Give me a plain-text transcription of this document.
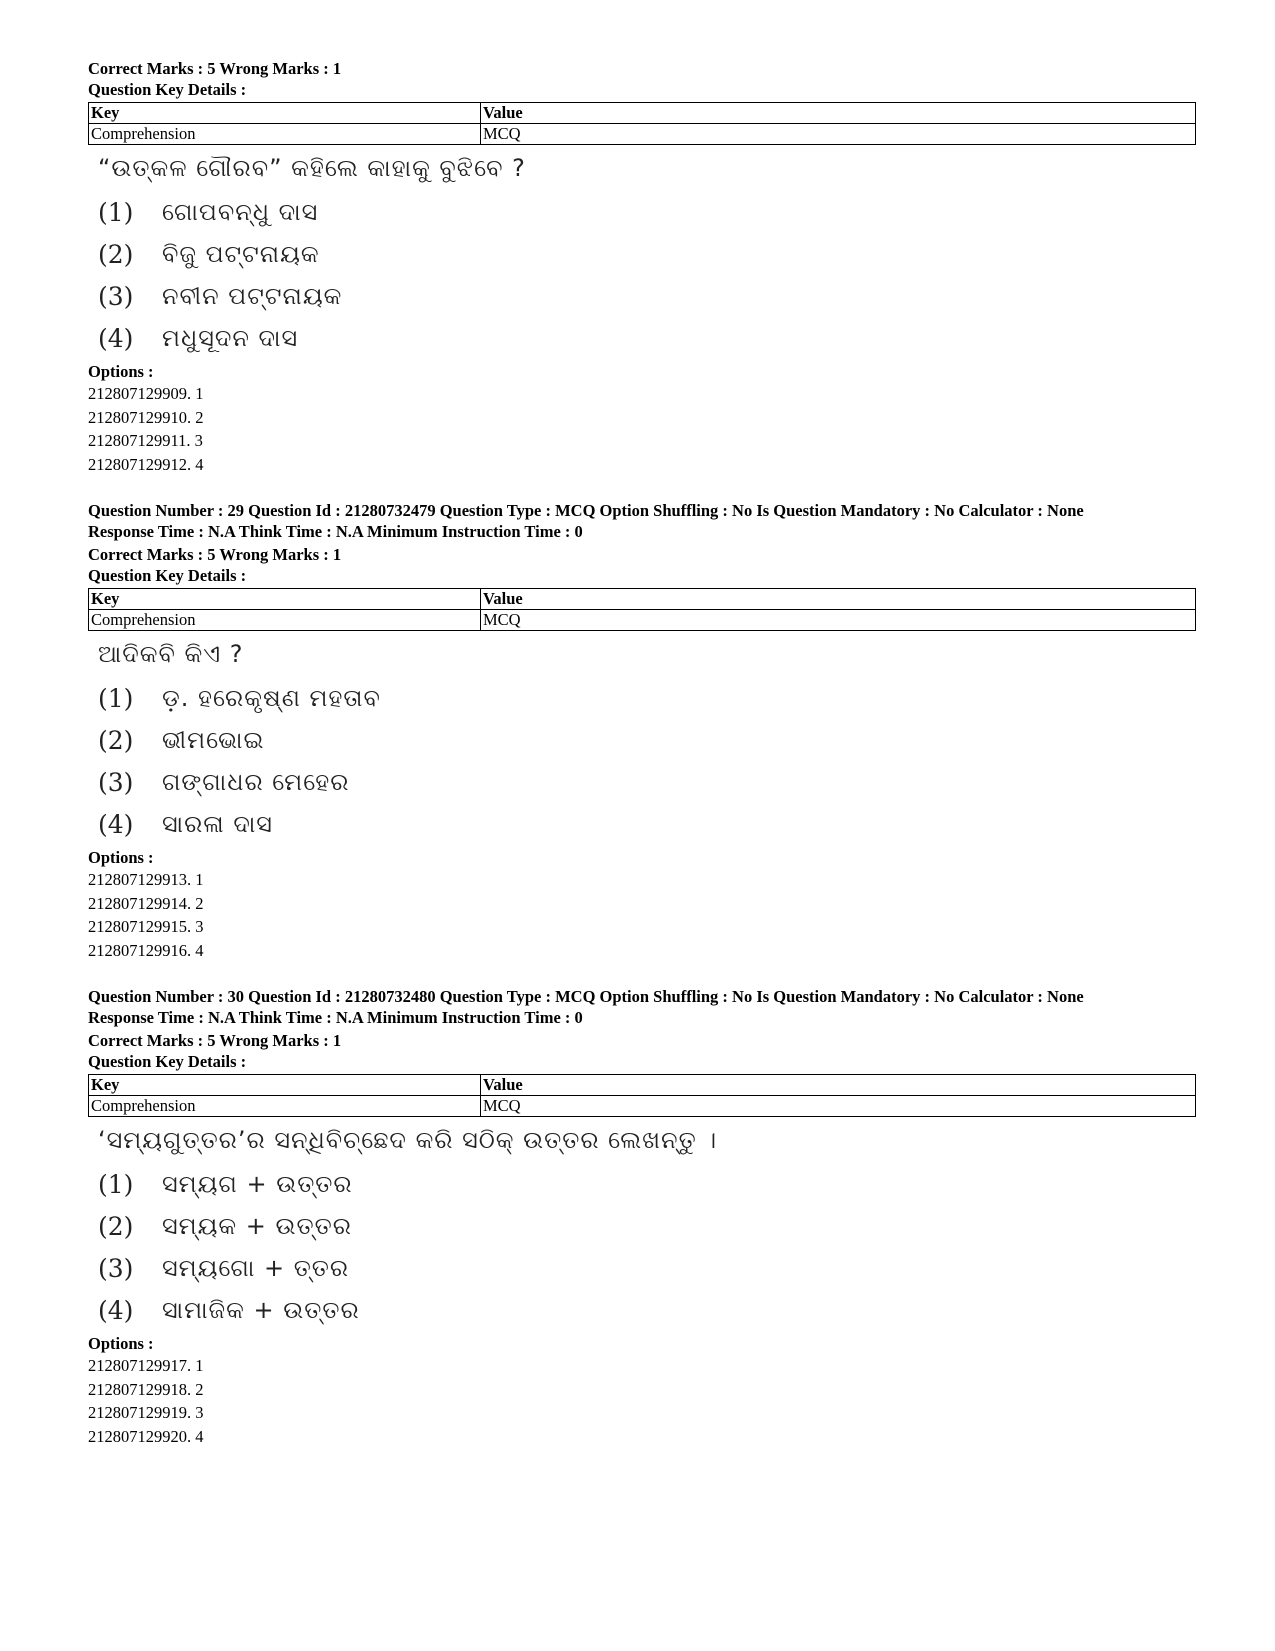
Correct Marks : 5 Wrong Marks : 1

Question Key Details :

Key	Value
Comprehension	MCQ
“ଉତ୍କଳ ଗୌରବ” କହିଲେ କାହାକୁ ବୁଝିବେ ?
(1)	ଗୋପବନ୍ଧୁ ଦାସ
(2)	ବିଜୁ ପଟ୍ଟନାୟକ
(3)	ନବୀନ ପଟ୍ଟନାୟକ
(4)	ମଧୁସୂଦନ ଦାସ

Options :

212807129909. 1

212807129910. 2

212807129911. 3

212807129912. 4

Question Number : 29 Question Id : 21280732479 Question Type : MCQ Option Shuffling : No Is Question Mandatory : No Calculator : None

Response Time : N.A Think Time : N.A Minimum Instruction Time : 0

Correct Marks : 5 Wrong Marks : 1

Question Key Details :

Key	Value
Comprehension	MCQ
ଆଦିକବି କିଏ ?
(1)	ଡ଼. ହରେକୃଷ୍ଣ ମହତାବ
(2)	ଭୀମଭୋଇ
(3)	ଗଙ୍ଗାଧର ମେହେର
(4)	ସାରଳା ଦାସ

Options :

212807129913. 1

212807129914. 2

212807129915. 3

212807129916. 4

Question Number : 30 Question Id : 21280732480 Question Type : MCQ Option Shuffling : No Is Question Mandatory : No Calculator : None

Response Time : N.A Think Time : N.A Minimum Instruction Time : 0

Correct Marks : 5 Wrong Marks : 1

Question Key Details :

Key	Value
Comprehension	MCQ
‘ସମ୍ୟଗୁତ୍ତର’ର ସନ୍ଧିବିଚ୍ଛେଦ କରି ସଠିକ୍ ଉତ୍ତର ଲେଖନ୍ତୁ ।
(1)	ସମ୍ୟଗ + ଉତ୍ତର
(2)	ସମ୍ୟକ + ଉତ୍ତର
(3)	ସମ୍ୟଗୋ + ତ୍ତର
(4)	ସାମାଜିକ + ଉତ୍ତର

Options :

212807129917. 1

212807129918. 2

212807129919. 3

212807129920. 4
